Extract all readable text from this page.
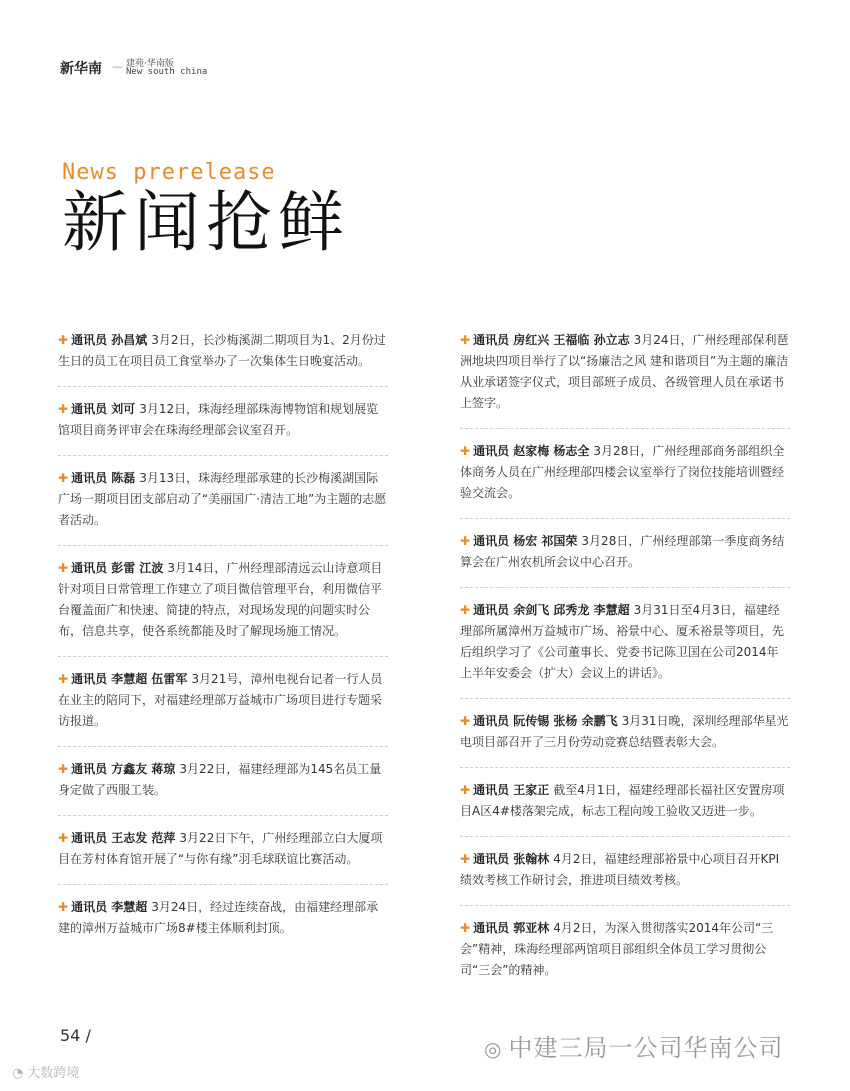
新华南 — 建苑·华南版
New south china
News prerelease
新闻抢鲜
✚ 通讯员 孙昌斌 3月2日，长沙梅溪湖二期项目为1、2月份过生日的员工在项目员工食堂举办了一次集体生日晚宴活动。
✚ 通讯员 刘可 3月12日，珠海经理部珠海博物馆和规划展览馆项目商务评审会在珠海经理部会议室召开。
✚ 通讯员 陈磊 3月13日，珠海经理部承建的长沙梅溪湖国际广场一期项目团支部启动了“美丽国广·清洁工地”为主题的志愿者活动。
✚ 通讯员 彭雷 江波 3月14日，广州经理部清远云山诗意项目针对项目日常管理工作建立了项目微信管理平台，利用微信平台覆盖面广和快速、简捷的特点，对现场发现的问题实时公布，信息共享，使各系统都能及时了解现场施工情况。
✚ 通讯员 李慧超 伍雷军 3月21号，漳州电视台记者一行人员在业主的陪同下，对福建经理部万益城市广场项目进行专题采访报道。
✚ 通讯员 方鑫友 蒋琼 3月22日，福建经理部为145名员工量身定做了西服工装。
✚ 通讯员 王志发 范萍 3月22日下午，广州经理部立白大厦项目在芳村体育馆开展了“与你有缘”羽毛球联谊比赛活动。
✚ 通讯员 李慧超 3月24日，经过连续奋战，由福建经理部承建的漳州万益城市广场8#楼主体顺利封顶。
✚ 通讯员 房红兴 王福临 孙立志 3月24日，广州经理部保利琶洲地块四项目举行了以“扬廉洁之风 建和谐项目”为主题的廉洁从业承诺签字仪式，项目部班子成员、各级管理人员在承诺书上签字。
✚ 通讯员 赵家梅 杨志全 3月28日，广州经理部商务部组织全体商务人员在广州经理部四楼会议室举行了岗位技能培训暨经验交流会。
✚ 通讯员 杨宏 祁国荣 3月28日，广州经理部第一季度商务结算会在广州农机所会议中心召开。
✚ 通讯员 余剑飞 邱秀龙 李慧超 3月31日至4月3日，福建经理部所属漳州万益城市广场、裕景中心、厦禾裕景等项目，先后组织学习了《公司董事长、党委书记陈卫国在公司2014年上半年安委会（扩大）会议上的讲话》。
✚ 通讯员 阮传锡 张杨 余鹏飞 3月31日晚，深圳经理部华星光电项目部召开了三月份劳动竞赛总结暨表彰大会。
✚ 通讯员 王家正 截至4月1日，福建经理部长福社区安置房项目A区4#楼落架完成，标志工程向竣工验收又迈进一步。
✚ 通讯员 张翰林 4月2日，福建经理部裕景中心项目召开KPI绩效考核工作研讨会，推进项目绩效考核。
✚ 通讯员 郭亚林 4月2日，为深入贯彻落实2014年公司“三会”精神，珠海经理部两馆项目部组织全体员工学习贯彻公司“三会”的精神。
54 /
◎ 中建三局一公司华南公司
◔ 大数跨境
